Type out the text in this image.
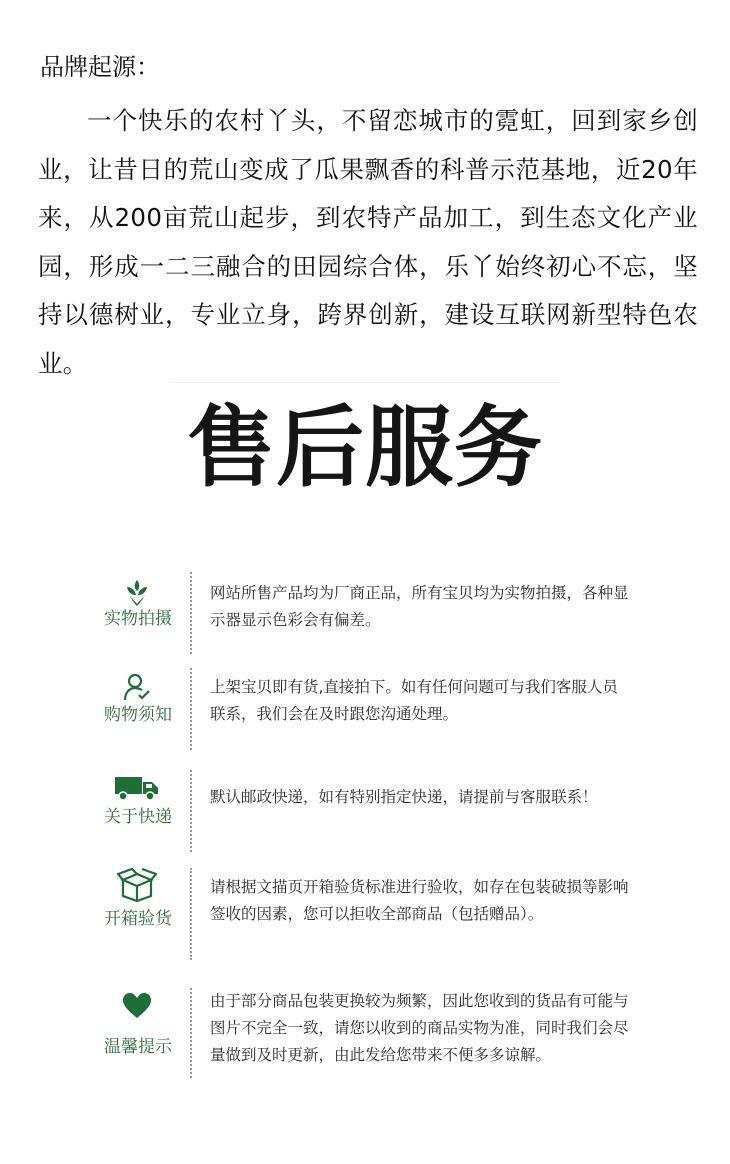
品牌起源：

一个快乐的农村丫头，不留恋城市的霓虹，回到家乡创业，让昔日的荒山变成了瓜果飘香的科普示范基地，近20年来，从200亩荒山起步，到农特产品加工，到生态文化产业园，形成一二三融合的田园综合体，乐丫始终初心不忘，坚持以德树业，专业立身，跨界创新，建设互联网新型特色农业。

售后服务
实物拍摄

网站所售产品均为厂商正品，所有宝贝均为实物拍摄，各种显示器显示色彩会有偏差。

购物须知

上架宝贝即有货,直接拍下。如有任何问题可与我们客服人员联系，我们会在及时跟您沟通处理。

关于快递

默认邮政快递，如有特别指定快递，请提前与客服联系！

开箱验货

请根据文描页开箱验货标准进行验收，如存在包装破损等影响签收的因素，您可以拒收全部商品（包括赠品）。

温馨提示

由于部分商品包装更换较为频繁，因此您收到的货品有可能与图片不完全一致，请您以收到的商品实物为准，同时我们会尽量做到及时更新，由此发给您带来不便多多谅解。
